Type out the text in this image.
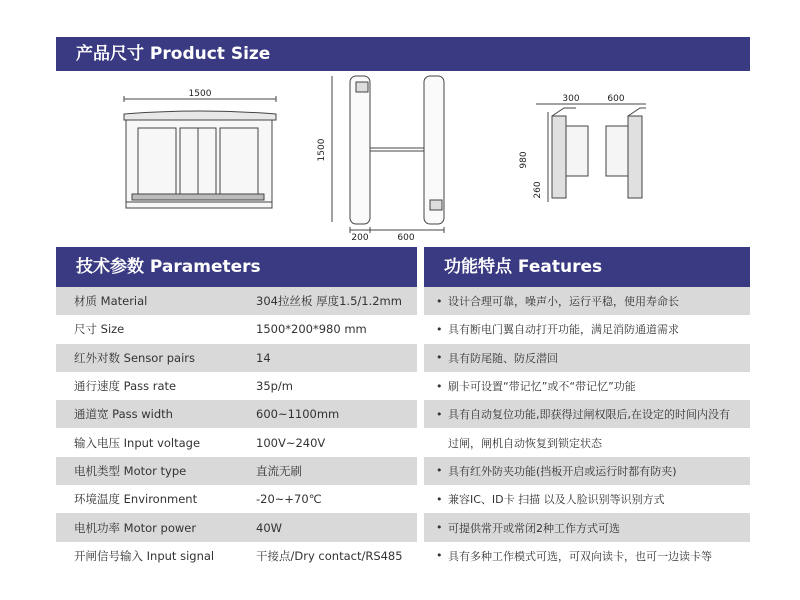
产品尺寸 Product Size
1500
1500
200	600
300	600
980
260
技术参数 Parameters	功能特点 Features
材质 Material	304拉丝板 厚度1.5/1.2mm
尺寸 Size	1500*200*980 mm
红外对数 Sensor pairs	14
通行速度 Pass rate	35p/m
通道宽 Pass width	600~1100mm
输入电压 Input voltage	100V~240V
电机类型 Motor type	直流无刷
环境温度 Environment	-20~+70℃
电机功率 Motor power	40W
开闸信号输入 Input signal	干接点/Dry contact/RS485
• 设计合理可靠，噪声小，运行平稳，使用寿命长
• 具有断电门翼自动打开功能，满足消防通道需求
• 具有防尾随、防反潜回
• 刷卡可设置“带记忆”或不“带记忆”功能
• 具有自动复位功能,即获得过闸权限后,在设定的时间内没有
过闸，闸机自动恢复到锁定状态
• 具有红外防夹功能(挡板开启或运行时都有防夹)
• 兼容IC、ID卡 扫描 以及人脸识别等识别方式
• 可提供常开或常闭2种工作方式可选
• 具有多种工作模式可选，可双向读卡，也可一边读卡等
